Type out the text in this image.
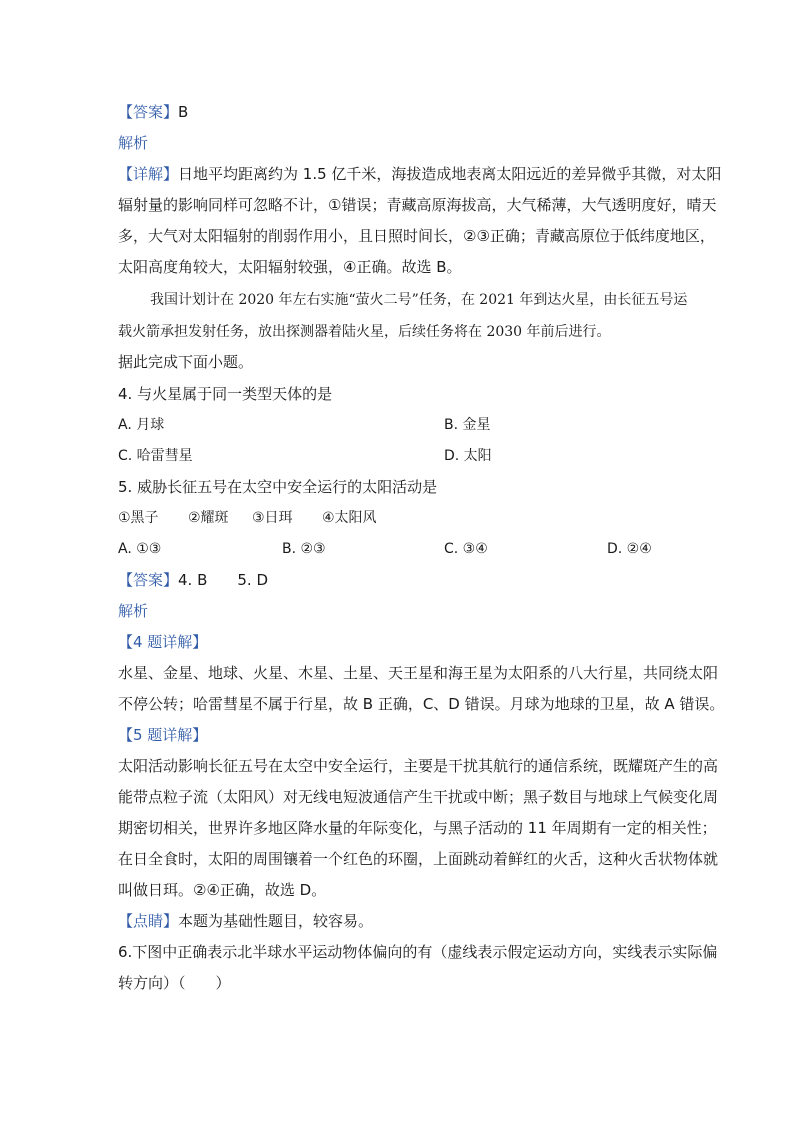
【答案】B
解析
【详解】日地平均距离约为 1.5 亿千米，海拔造成地表离太阳远近的差异微乎其微，对太阳
辐射量的影响同样可忽略不计，①错误；青藏高原海拔高，大气稀薄，大气透明度好，晴天
多，大气对太阳辐射的削弱作用小，且日照时间长，②③正确；青藏高原位于低纬度地区，
太阳高度角较大，太阳辐射较强，④正确。故选 B。
我国计划计在 2020 年左右实施“萤火二号”任务，在 2021 年到达火星，由长征五号运
载火箭承担发射任务，放出探测器着陆火星，后续任务将在 2030 年前后进行。
据此完成下面小题。
4. 与火星属于同一类型天体的是
A. 月球	B. 金星
C. 哈雷彗星	D. 太阳
5. 威胁长征五号在太空中安全运行的太阳活动是
①黑子 ②耀斑 ③日珥 ④太阳风
A. ①③	B. ②③	C. ③④	D. ②④
【答案】4. B　　5. D
解析
【4 题详解】
水星、金星、地球、火星、木星、土星、天王星和海王星为太阳系的八大行星，共同绕太阳
不停公转；哈雷彗星不属于行星，故 B 正确，C、D 错误。月球为地球的卫星，故 A 错误。
【5 题详解】
太阳活动影响长征五号在太空中安全运行，主要是干扰其航行的通信系统，既耀斑产生的高
能带点粒子流（太阳风）对无线电短波通信产生干扰或中断；黑子数目与地球上气候变化周
期密切相关，世界许多地区降水量的年际变化，与黑子活动的 11 年周期有一定的相关性；
在日全食时，太阳的周围镶着一个红色的环圈，上面跳动着鲜红的火舌，这种火舌状物体就
叫做日珥。②④正确，故选 D。
【点睛】本题为基础性题目，较容易。
6.下图中正确表示北半球水平运动物体偏向的有（虚线表示假定运动方向，实线表示实际偏
转方向）（　　）
